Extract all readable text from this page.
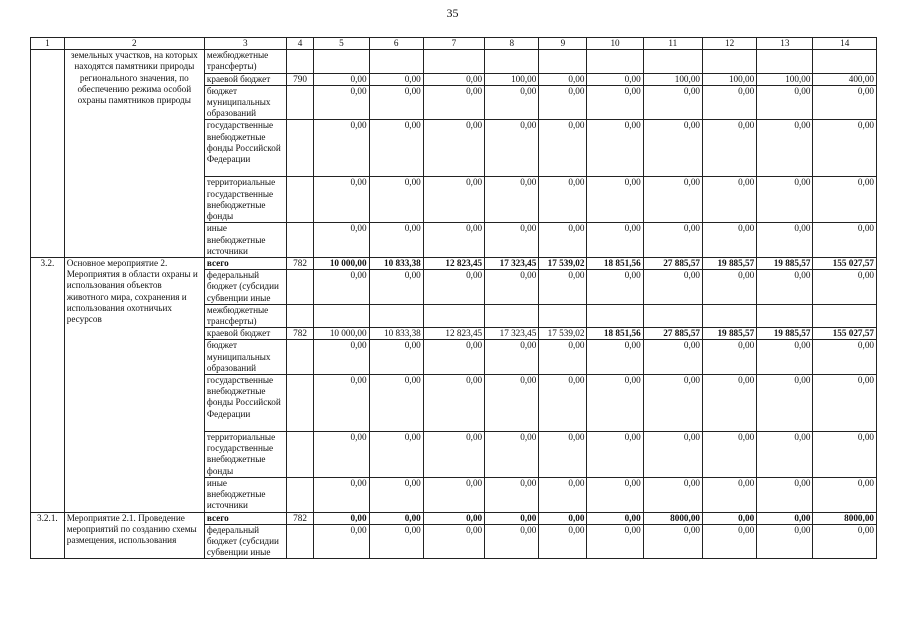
35
1	2	3	4	5	6	7	8	9	10	11	12	13	14
	земельных участков, на которых находятся памятники природы регионального значения, по обеспечению режима особой охраны памятников природы	межбюджетные трансферты)											
		краевой бюджет	790	0,00	0,00	0,00	100,00	0,00	0,00	100,00	100,00	100,00	400,00
		бюджет муниципальных образований		0,00	0,00	0,00	0,00	0,00	0,00	0,00	0,00	0,00	0,00
		государственные внебюджетные фонды Российской Федерации		0,00	0,00	0,00	0,00	0,00	0,00	0,00	0,00	0,00	0,00
		территориальные государственные внебюджетные фонды		0,00	0,00	0,00	0,00	0,00	0,00	0,00	0,00	0,00	0,00
		иные внебюджетные источники		0,00	0,00	0,00	0,00	0,00	0,00	0,00	0,00	0,00	0,00
3.2.	Основное мероприятие 2. Мероприятия в области охраны и использования объектов животного мира, сохранения и использования охотничьих ресурсов	всего	782	10 000,00	10 833,38	12 823,45	17 323,45	17 539,02	18 851,56	27 885,57	19 885,57	19 885,57	155 027,57
		федеральный бюджет (субсидии субвенции иные		0,00	0,00	0,00	0,00	0,00	0,00	0,00	0,00	0,00	0,00
		межбюджетные трансферты)											
		краевой бюджет	782	10 000,00	10 833,38	12 823,45	17 323,45	17 539,02	18 851,56	27 885,57	19 885,57	19 885,57	155 027,57
		бюджет муниципальных образований		0,00	0,00	0,00	0,00	0,00	0,00	0,00	0,00	0,00	0,00
		государственные внебюджетные фонды Российской Федерации		0,00	0,00	0,00	0,00	0,00	0,00	0,00	0,00	0,00	0,00
		территориальные государственные внебюджетные фонды		0,00	0,00	0,00	0,00	0,00	0,00	0,00	0,00	0,00	0,00
		иные внебюджетные источники		0,00	0,00	0,00	0,00	0,00	0,00	0,00	0,00	0,00	0,00
3.2.1.	Мероприятие 2.1. Проведение мероприятий по созданию схемы размещения, использования	всего	782	0,00	0,00	0,00	0,00	0,00	0,00	8000,00	0,00	0,00	8000,00
		федеральный бюджет (субсидии субвенции иные		0,00	0,00	0,00	0,00	0,00	0,00	0,00	0,00	0,00	0,00
